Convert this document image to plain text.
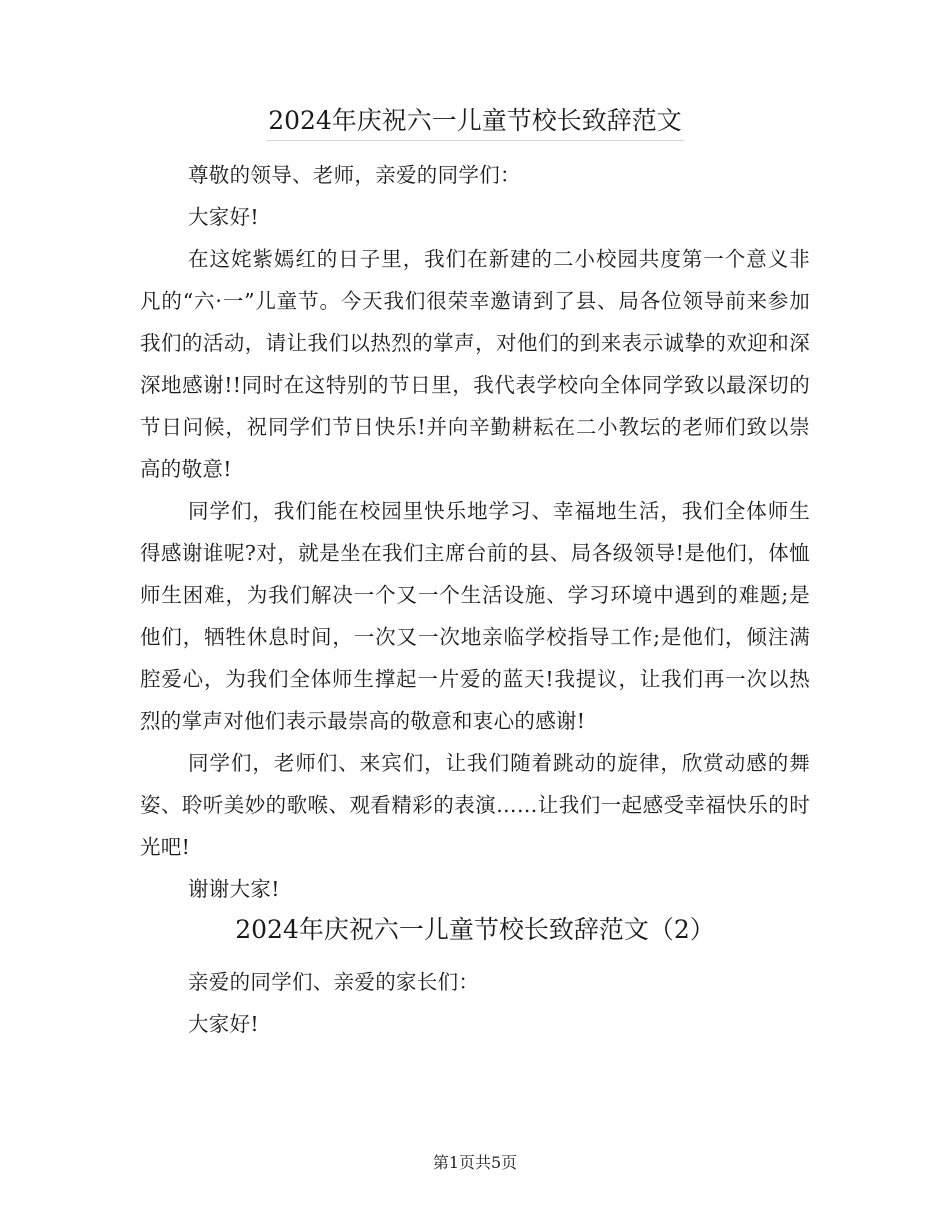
2024年庆祝六一儿童节校长致辞范文

尊敬的领导、老师，亲爱的同学们：

大家好!

在这姹紫嫣红的日子里，我们在新建的二小校园共度第一个意义非凡的“六·一”儿童节。今天我们很荣幸邀请到了县、局各位领导前来参加我们的活动，请让我们以热烈的掌声，对他们的到来表示诚挚的欢迎和深深地感谢!!同时在这特别的节日里，我代表学校向全体同学致以最深切的节日问候，祝同学们节日快乐!并向辛勤耕耘在二小教坛的老师们致以崇高的敬意!

同学们，我们能在校园里快乐地学习、幸福地生活，我们全体师生得感谢谁呢?对，就是坐在我们主席台前的县、局各级领导!是他们，体恤师生困难，为我们解决一个又一个生活设施、学习环境中遇到的难题;是他们，牺牲休息时间，一次又一次地亲临学校指导工作;是他们，倾注满腔爱心，为我们全体师生撑起一片爱的蓝天!我提议，让我们再一次以热烈的掌声对他们表示最崇高的敬意和衷心的感谢!

同学们，老师们、来宾们，让我们随着跳动的旋律，欣赏动感的舞姿、聆听美妙的歌喉、观看精彩的表演……让我们一起感受幸福快乐的时光吧!

谢谢大家!

2024年庆祝六一儿童节校长致辞范文（2）

亲爱的同学们、亲爱的家长们：

大家好!

第1页共5页
